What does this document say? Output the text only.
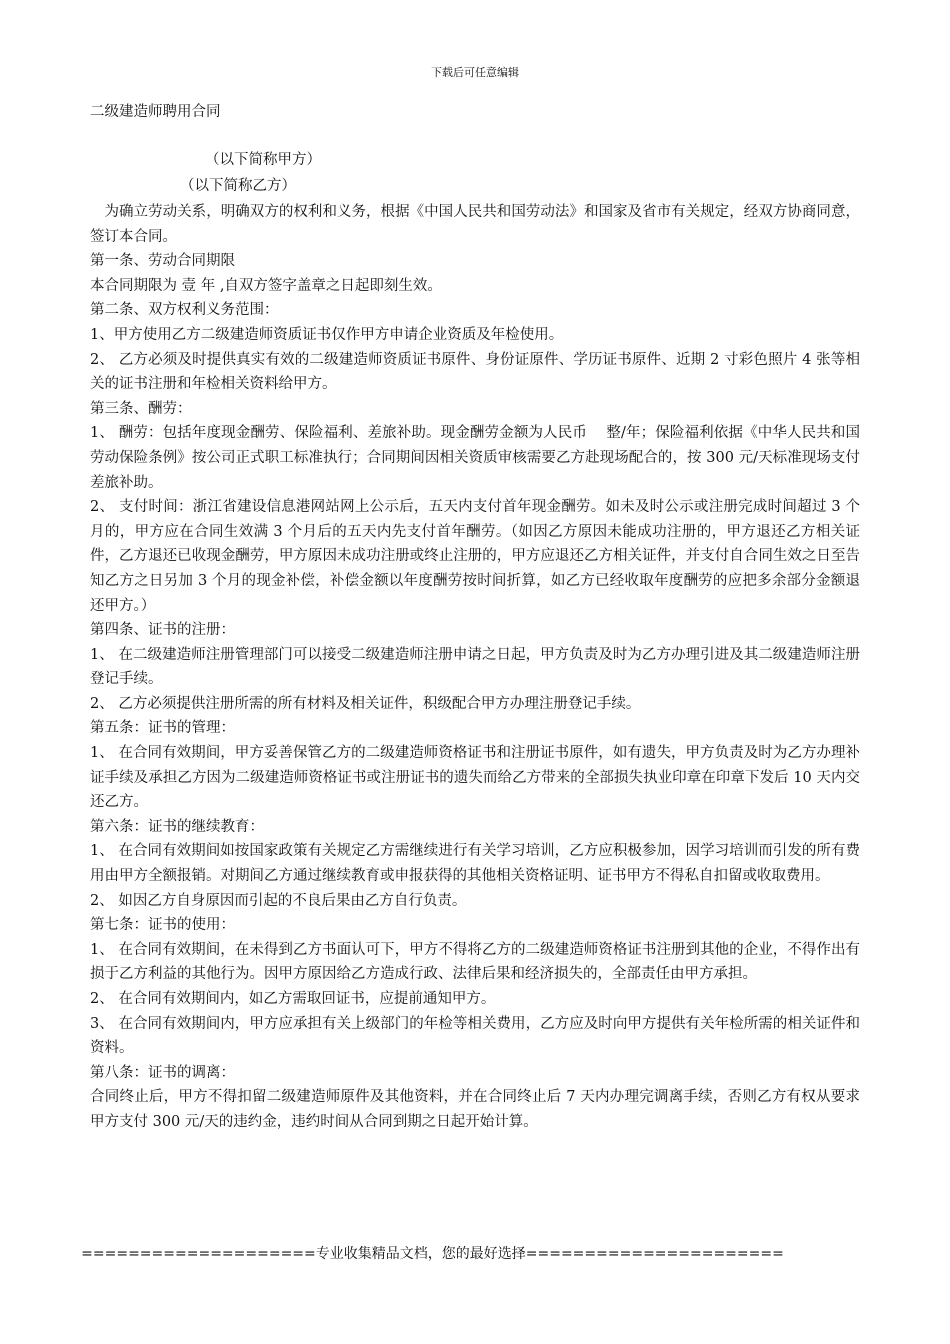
下载后可任意编辑
二级建造师聘用合同
（以下简称甲方）
（以下简称乙方）

为确立劳动关系，明确双方的权利和义务，根据《中国人民共和国劳动法》和国家及省市有关规定，经双方协商同意，签订本合同。

第一条、劳动合同期限

本合同期限为 壹 年 ,自双方签字盖章之日起即刻生效。

第二条、双方权利义务范围：

1、甲方使用乙方二级建造师资质证书仅作甲方申请企业资质及年检使用。

2、 乙方必须及时提供真实有效的二级建造师资质证书原件、身份证原件、学历证书原件、近期 2 寸彩色照片 4 张等相关的证书注册和年检相关资料给甲方。

第三条、酬劳：

1、 酬劳：包括年度现金酬劳、保险福利、差旅补助。现金酬劳金额为人民币　 整/年；保险福利依据《中华人民共和国劳动保险条例》按公司正式职工标准执行；合同期间因相关资质审核需要乙方赴现场配合的，按 300 元/天标准现场支付差旅补助。

2、 支付时间：浙江省建设信息港网站网上公示后，五天内支付首年现金酬劳。如未及时公示或注册完成时间超过 3 个月的，甲方应在合同生效满 3 个月后的五天内先支付首年酬劳。（如因乙方原因未能成功注册的，甲方退还乙方相关证件，乙方退还已收现金酬劳，甲方原因未成功注册或终止注册的，甲方应退还乙方相关证件，并支付自合同生效之日至告知乙方之日另加 3 个月的现金补偿，补偿金额以年度酬劳按时间折算，如乙方已经收取年度酬劳的应把多余部分金额退还甲方。）

第四条、证书的注册：

1、 在二级建造师注册管理部门可以接受二级建造师注册申请之日起，甲方负责及时为乙方办理引进及其二级建造师注册登记手续。

2、 乙方必须提供注册所需的所有材料及相关证件，积级配合甲方办理注册登记手续。

第五条：证书的管理：

1、 在合同有效期间，甲方妥善保管乙方的二级建造师资格证书和注册证书原件，如有遗失，甲方负责及时为乙方办理补证手续及承担乙方因为二级建造师资格证书或注册证书的遗失而给乙方带来的全部损失执业印章在印章下发后 10 天内交还乙方。

第六条：证书的继续教育：

1、 在合同有效期间如按国家政策有关规定乙方需继续进行有关学习培训，乙方应积极参加，因学习培训而引发的所有费用由甲方全额报销。对期间乙方通过继续教育或申报获得的其他相关资格证明、证书甲方不得私自扣留或收取费用。

2、 如因乙方自身原因而引起的不良后果由乙方自行负责。

第七条：证书的使用：

1、 在合同有效期间，在未得到乙方书面认可下，甲方不得将乙方的二级建造师资格证书注册到其他的企业，不得作出有损于乙方利益的其他行为。因甲方原因给乙方造成行政、法律后果和经济损失的，全部责任由甲方承担。

2、 在合同有效期间内，如乙方需取回证书，应提前通知甲方。

3、 在合同有效期间内，甲方应承担有关上级部门的年检等相关费用，乙方应及时向甲方提供有关年检所需的相关证件和资料。

第八条：证书的调离：

合同终止后，甲方不得扣留二级建造师原件及其他资料，并在合同终止后 7 天内办理完调离手续，否则乙方有权从要求甲方支付 300 元/天的违约金，违约时间从合同到期之日起开始计算。

====================专业收集精品文档，您的最好选择======================
